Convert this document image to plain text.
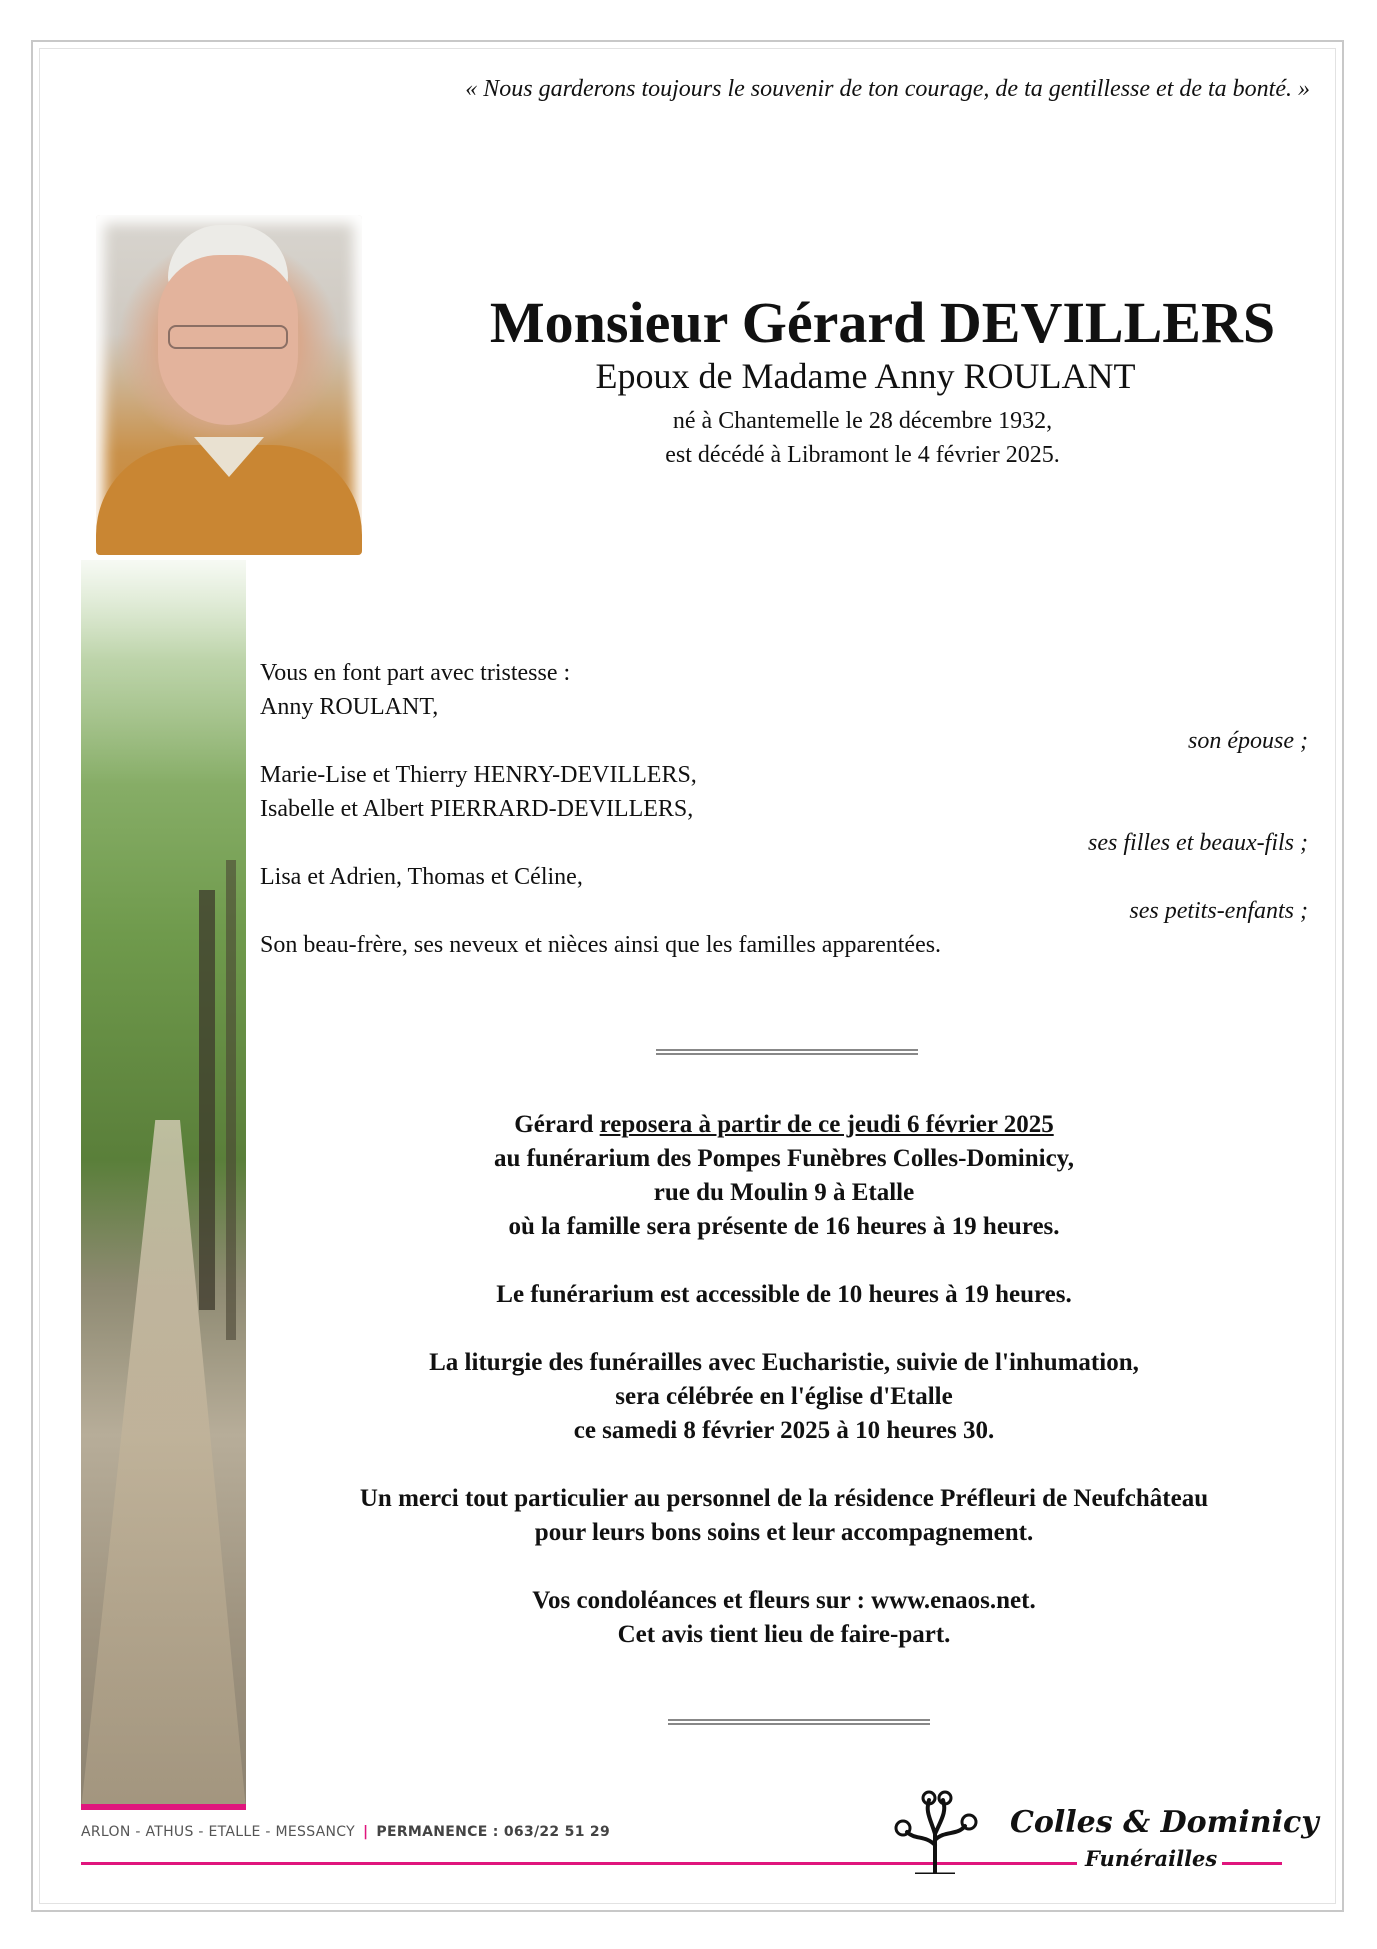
« Nous garderons toujours le souvenir de ton courage, de ta gentillesse et de ta bonté. »
Monsieur Gérard DEVILLERS
Epoux de Madame Anny ROULANT
né à Chantemelle le 28 décembre 1932,
est décédé à Libramont le 4 février 2025.
Vous en font part avec tristesse :
Anny ROULANT,
son épouse ;
Marie-Lise et Thierry HENRY-DEVILLERS,
Isabelle et Albert PIERRARD-DEVILLERS,
ses filles et beaux-fils ;
Lisa et Adrien, Thomas et Céline,
ses petits-enfants ;
Son beau-frère, ses neveux et nièces ainsi que les familles apparentées.
Gérard reposera à partir de ce jeudi 6 février 2025
au funérarium des Pompes Funèbres Colles-Dominicy,
rue du Moulin 9 à Etalle
où la famille sera présente de 16 heures à 19 heures.
Le funérarium est accessible de 10 heures à 19 heures.
La liturgie des funérailles avec Eucharistie, suivie de l'inhumation,
sera célébrée en l'église d'Etalle
ce samedi 8 février 2025 à 10 heures 30.
Un merci tout particulier au personnel de la résidence Préfleuri de Neufchâteau
pour leurs bons soins et leur accompagnement.
Vos condoléances et fleurs sur : www.enaos.net.
Cet avis tient lieu de faire-part.
ARLON - ATHUS - ETALLE - MESSANCY | PERMANENCE : 063/22 51 29	Colles & Dominicy
Funérailles
